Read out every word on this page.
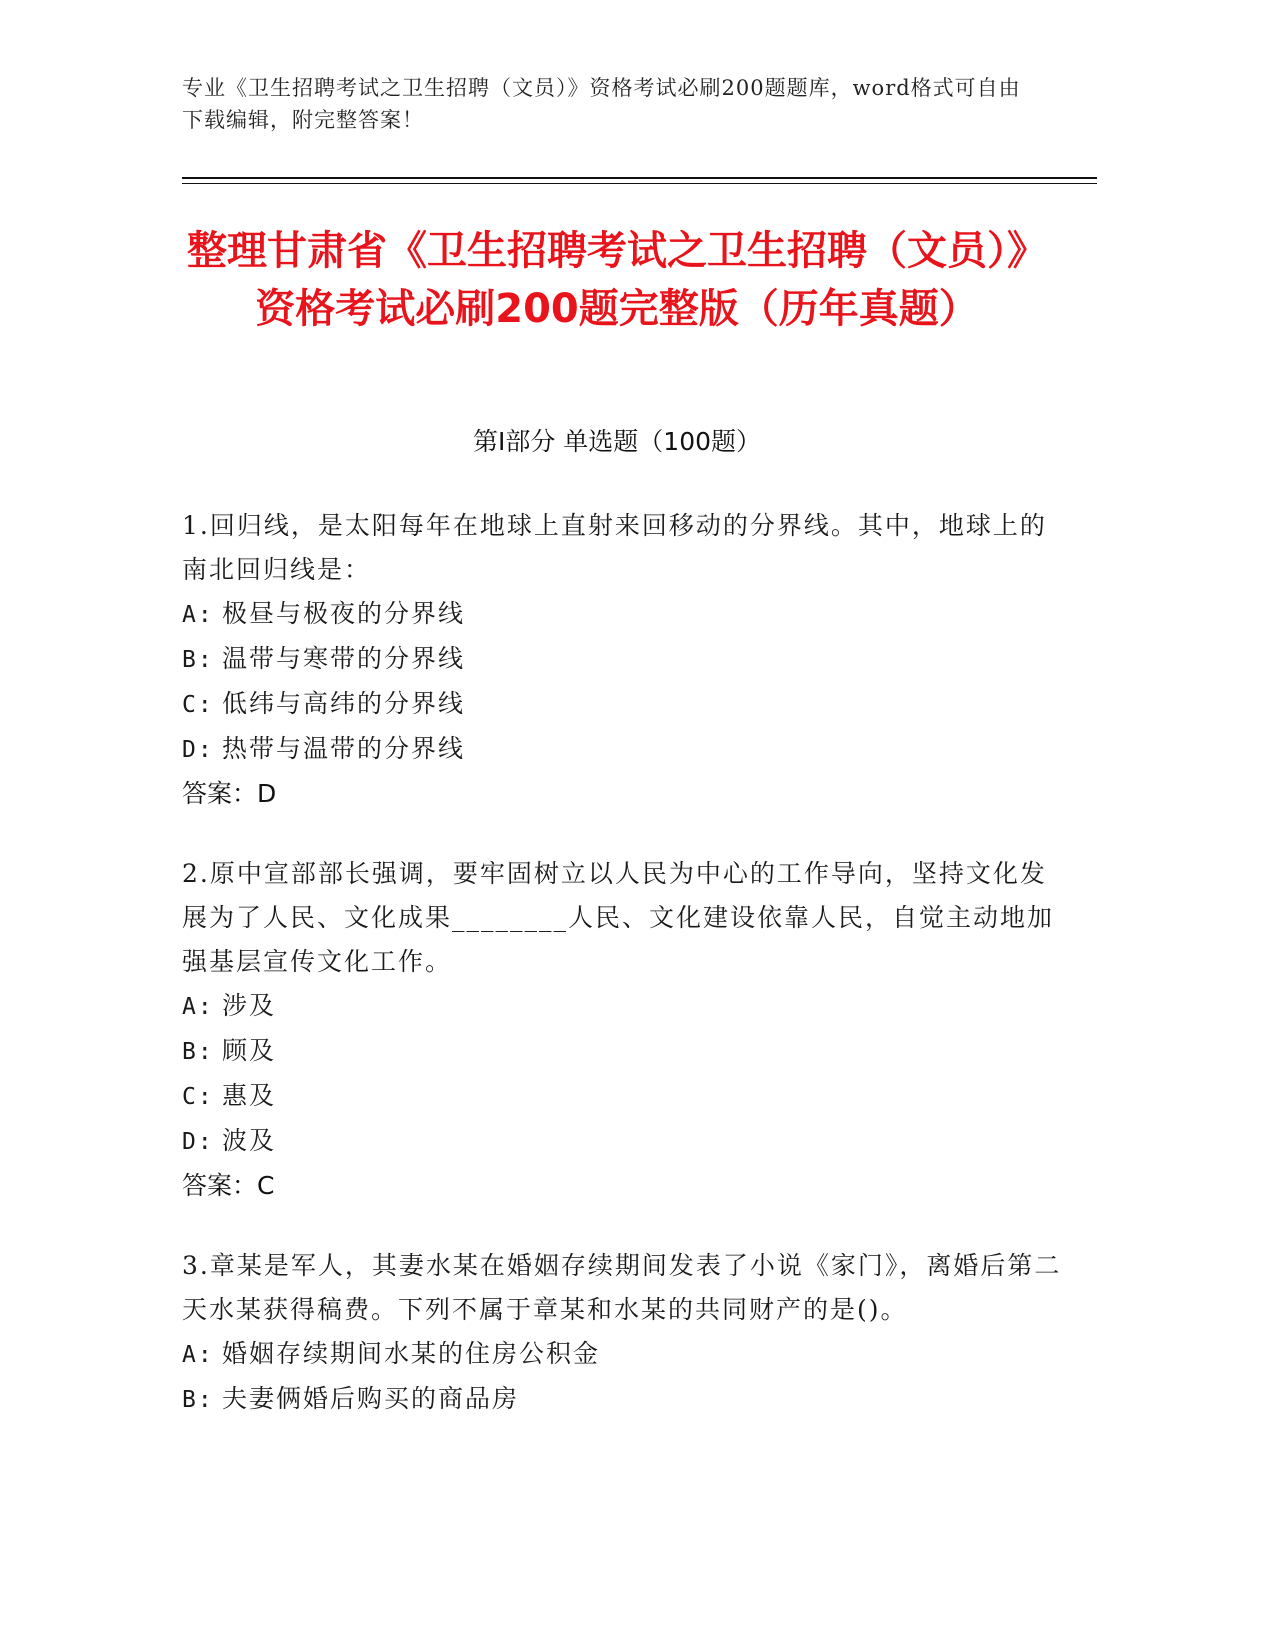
专业《卫生招聘考试之卫生招聘（文员）》资格考试必刷200题题库，word格式可自由下载编辑，附完整答案！
整理甘肃省《卫生招聘考试之卫生招聘（文员）》资格考试必刷200题完整版（历年真题）
第I部分 单选题（100题）

1.回归线，是太阳每年在地球上直射来回移动的分界线。其中，地球上的南北回归线是：

A: 极昼与极夜的分界线

B: 温带与寒带的分界线

C: 低纬与高纬的分界线

D: 热带与温带的分界线

答案：D

2.原中宣部部长强调，要牢固树立以人民为中心的工作导向，坚持文化发展为了人民、文化成果________人民、文化建设依靠人民，自觉主动地加强基层宣传文化工作。

A: 涉及

B: 顾及

C: 惠及

D: 波及

答案：C

3.章某是军人，其妻水某在婚姻存续期间发表了小说《家门》，离婚后第二天水某获得稿费。下列不属于章某和水某的共同财产的是()。

A: 婚姻存续期间水某的住房公积金

B: 夫妻俩婚后购买的商品房
